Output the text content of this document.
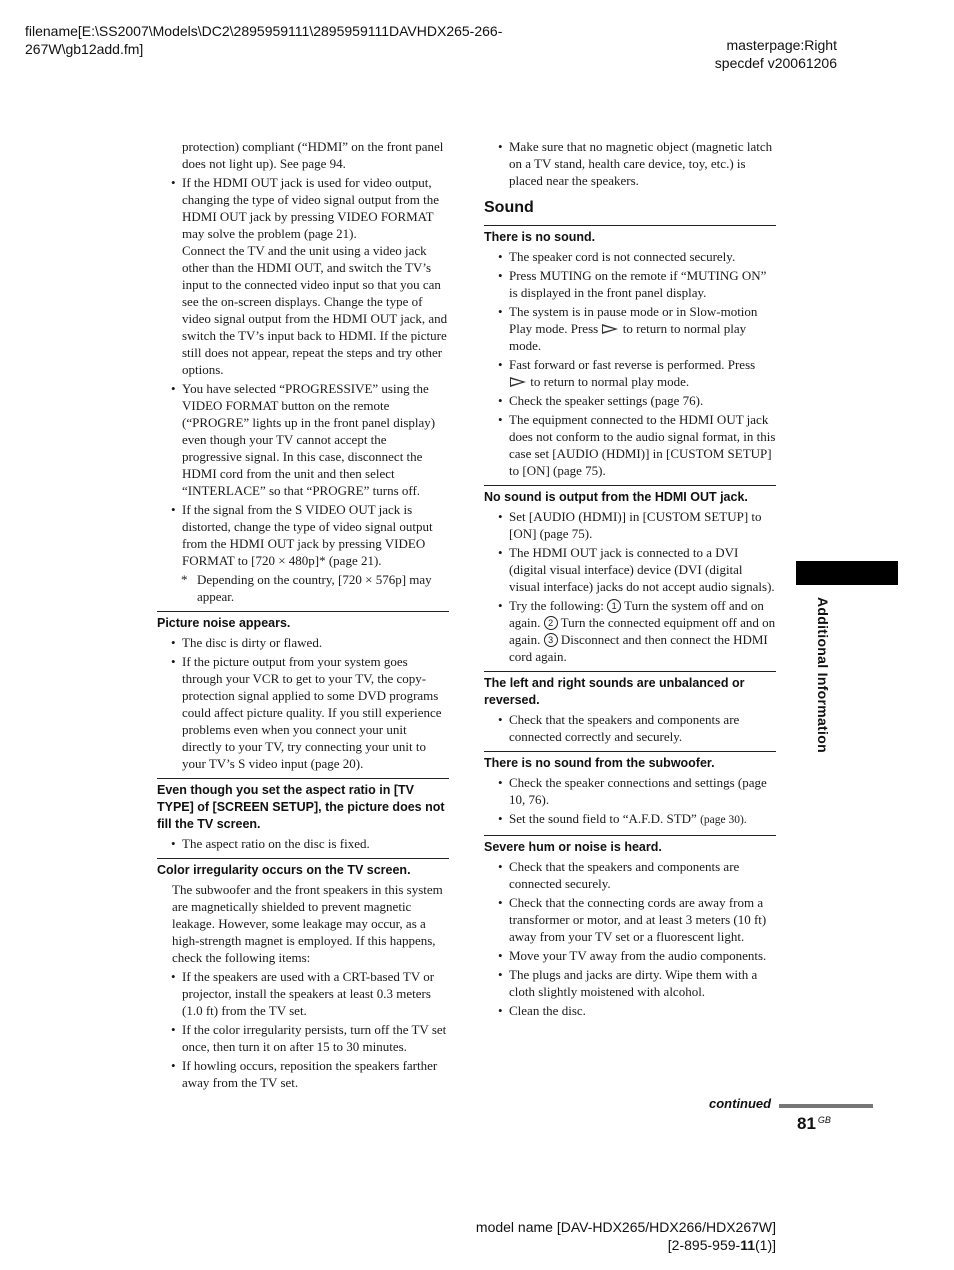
filename[E:\SS2007\Models\DC2\2895959111\2895959111DAVHDX265-266-
267W\gb12add.fm]	masterpage:Right
specdef v20061206
protection) compliant (“HDMI” on the front panel does not light up). See page 94.
• If the HDMI OUT jack is used for video output, changing the type of video signal output from the HDMI OUT jack by pressing VIDEO FORMAT may solve the problem (page 21).
Connect the TV and the unit using a video jack other than the HDMI OUT, and switch the TV’s input to the connected video input so that you can see the on-screen displays. Change the type of video signal output from the HDMI OUT jack, and switch the TV’s input back to HDMI. If the picture still does not appear, repeat the steps and try other options.
• You have selected “PROGRESSIVE” using the VIDEO FORMAT button on the remote (“PROGRE” lights up in the front panel display) even though your TV cannot accept the progressive signal. In this case, disconnect the HDMI cord from the unit and then select “INTERLACE” so that “PROGRE” turns off.
• If the signal from the S VIDEO OUT jack is distorted, change the type of video signal output from the HDMI OUT jack by pressing VIDEO FORMAT to [720 × 480p]* (page 21).
* Depending on the country, [720 × 576p] may appear.
Picture noise appears.
• The disc is dirty or flawed.
• If the picture output from your system goes through your VCR to get to your TV, the copy-protection signal applied to some DVD programs could affect picture quality. If you still experience problems even when you connect your unit directly to your TV, try connecting your unit to your TV’s S video input (page 20).
Even though you set the aspect ratio in [TV TYPE] of [SCREEN SETUP], the picture does not fill the TV screen.
• The aspect ratio on the disc is fixed.
Color irregularity occurs on the TV screen.
The subwoofer and the front speakers in this system are magnetically shielded to prevent magnetic leakage. However, some leakage may occur, as a high-strength magnet is employed. If this happens, check the following items:
• If the speakers are used with a CRT-based TV or projector, install the speakers at least 0.3 meters (1.0 ft) from the TV set.
• If the color irregularity persists, turn off the TV set once, then turn it on after 15 to 30 minutes.
• If howling occurs, reposition the speakers farther away from the TV set.
• Make sure that no magnetic object (magnetic latch on a TV stand, health care device, toy, etc.) is placed near the speakers.
Sound
There is no sound.
• The speaker cord is not connected securely.
• Press MUTING on the remote if “MUTING ON” is displayed in the front panel display.
• The system is in pause mode or in Slow-motion Play mode. Press to return to normal play mode.
• Fast forward or fast reverse is performed. Press  to return to normal play mode.
• Check the speaker settings (page 76).
• The equipment connected to the HDMI OUT jack does not conform to the audio signal format, in this case set [AUDIO (HDMI)] in [CUSTOM SETUP] to [ON] (page 75).
No sound is output from the HDMI OUT jack.
• Set [AUDIO (HDMI)] in [CUSTOM SETUP] to [ON] (page 75).
• The HDMI OUT jack is connected to a DVI (digital visual interface) device (DVI (digital visual interface) jacks do not accept audio signals).
• Try the following: 1 Turn the system off and on again. 2 Turn the connected equipment off and on again. 3 Disconnect and then connect the HDMI cord again.
The left and right sounds are unbalanced or reversed.
• Check that the speakers and components are connected correctly and securely.
There is no sound from the subwoofer.
• Check the speaker connections and settings (page 10, 76).
• Set the sound field to “A.F.D. STD” (page 30).
Severe hum or noise is heard.
• Check that the speakers and components are connected securely.
• Check that the connecting cords are away from a transformer or motor, and at least 3 meters (10 ft) away from your TV set or a fluorescent light.
• Move your TV away from the audio components.
• The plugs and jacks are dirty. Wipe them with a cloth slightly moistened with alcohol.
• Clean the disc.
Additional Information
continued
81 $^{GB}$
model name [DAV-HDX265/HDX266/HDX267W]
[2-895-959-11(1)]
